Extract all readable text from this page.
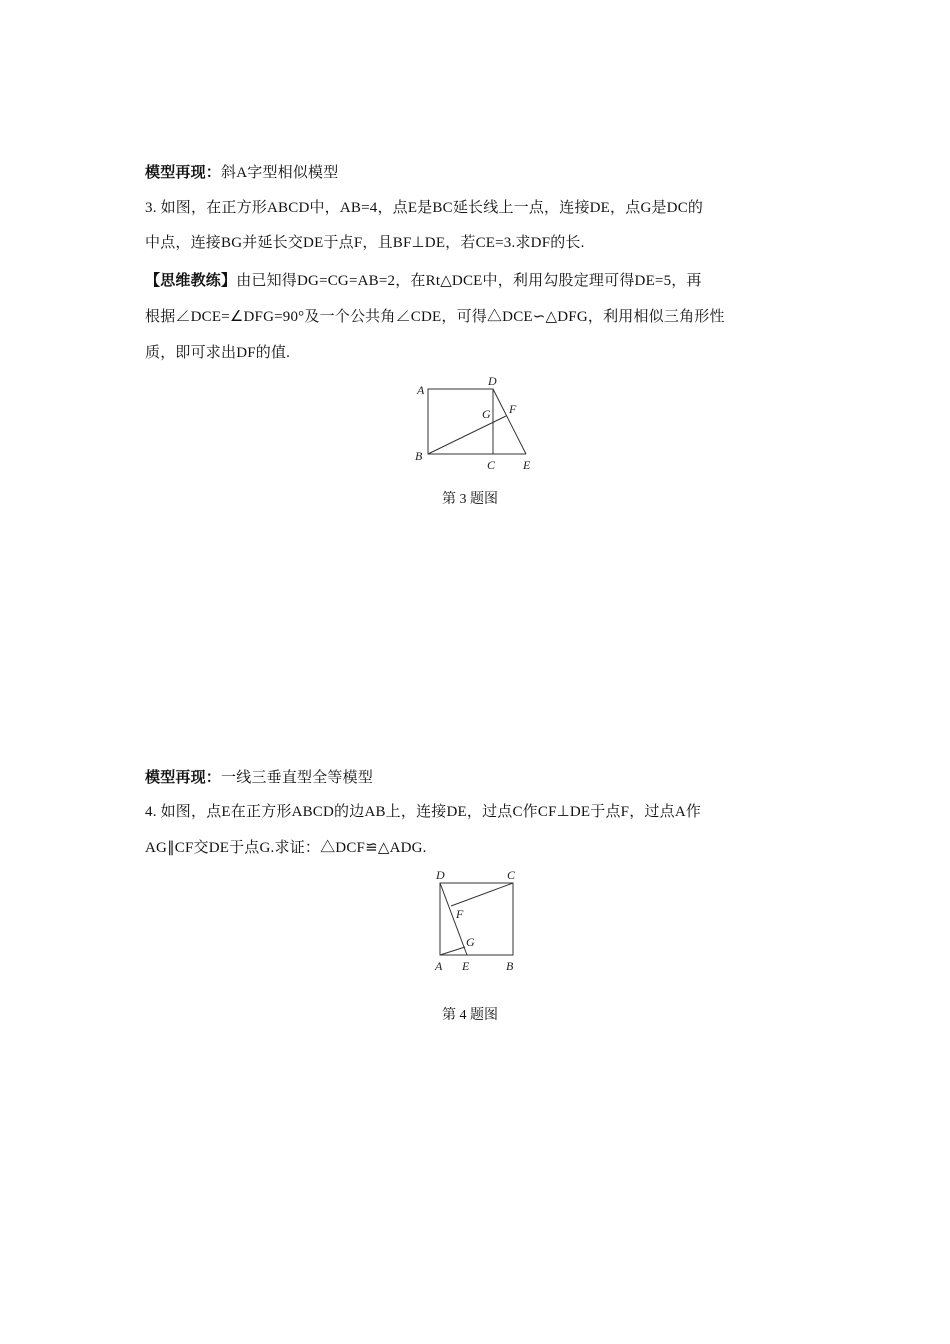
模型再现：斜A字型相似模型
3. 如图，在正方形ABCD中，AB=4，点E是BC延长线上一点，连接DE，点G是DC的
中点，连接BG并延长交DE于点F，且BF⊥DE，若CE=3.求DF的长.
【思维教练】由已知得DG=CG=AB=2，在Rt△DCE中，利用勾股定理可得DE=5，再
根据∠DCE=∠DFG=90°及一个公共角∠CDE，可得△DCE∽△DFG，利用相似三角形性
质，即可求出DF的值.
A
D
G F
B
C E
第 3 题图
模型再现：一线三垂直型全等模型
4. 如图，点E在正方形ABCD的边AB上，连接DE，过点C作CF⊥DE于点F，过点A作
AG∥CF交DE于点G.求证：△DCF≌△ADG.
D	C
F
G
A E	B
第 4 题图
